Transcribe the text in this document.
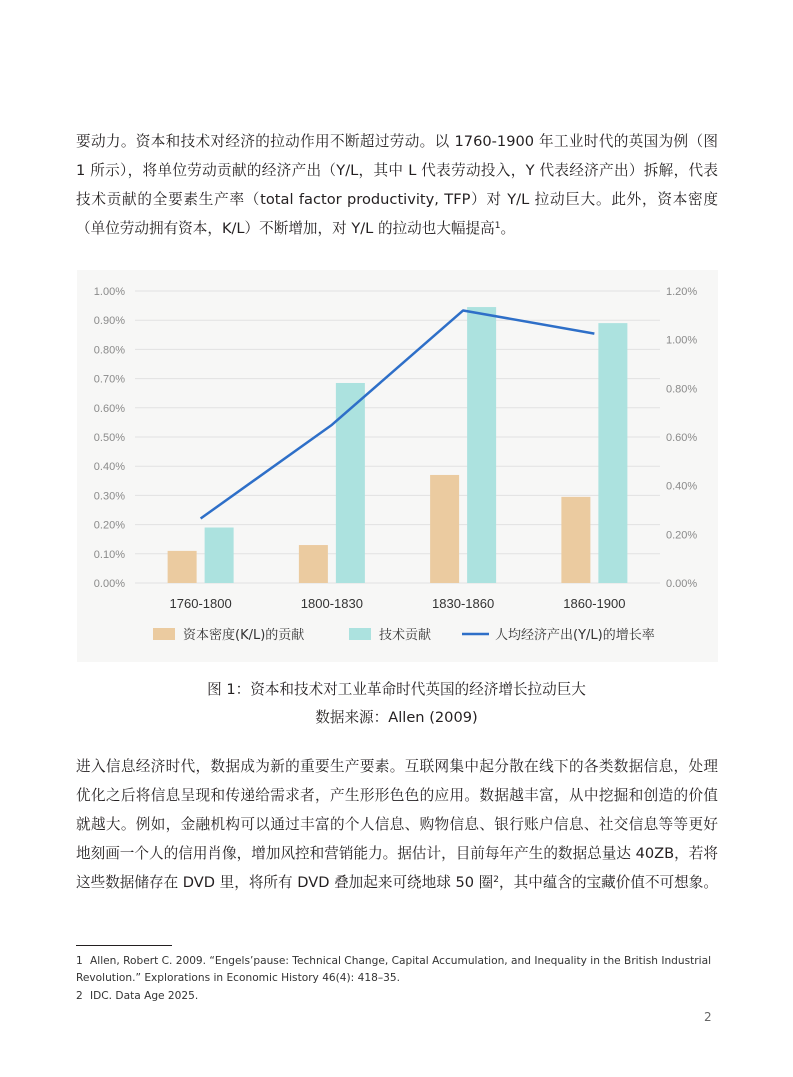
要动力。资本和技术对经济的拉动作用不断超过劳动。以 1760-1900 年工业时代的英国为例（图 1 所示），将单位劳动贡献的经济产出（Y/L，其中 L 代表劳动投入，Y 代表经济产出）拆解，代表技术贡献的全要素生产率（total factor productivity, TFP）对 Y/L 拉动巨大。此外，资本密度（单位劳动拥有资本，K/L）不断增加，对 Y/L 的拉动也大幅提高$^1$。

1.00%
0.90%
0.80%
0.70%
0.60%
0.50%
0.40%
0.30%
0.20%
0.10%
0.00%
1.20%
1.00%
0.80%
0.60%
0.40%
0.20%
0.00%
1760-1800	1800-1830	1830-1860	1860-1900
资本密度(K/L)的贡献	技术贡献	人均经济产出(Y/L)的增长率

图 1：资本和技术对工业革命时代英国的经济增长拉动巨大

数据来源：Allen (2009)

进入信息经济时代，数据成为新的重要生产要素。互联网集中起分散在线下的各类数据信息，处理优化之后将信息呈现和传递给需求者，产生形形色色的应用。数据越丰富，从中挖掘和创造的价值就越大。例如，金融机构可以通过丰富的个人信息、购物信息、银行账户信息、社交信息等等更好地刻画一个人的信用肖像，增加风控和营销能力。据估计，目前每年产生的数据总量达 40ZB，若将这些数据储存在 DVD 里，将所有 DVD 叠加起来可绕地球 50 圈$^2$，其中蕴含的宝藏价值不可想象。

1 Allen, Robert C. 2009. “Engels’pause: Technical Change, Capital Accumulation, and Inequality in the British Industrial Revolution.” Explorations in Economic History 46(4): 418–35.

2 IDC. Data Age 2025.

2
